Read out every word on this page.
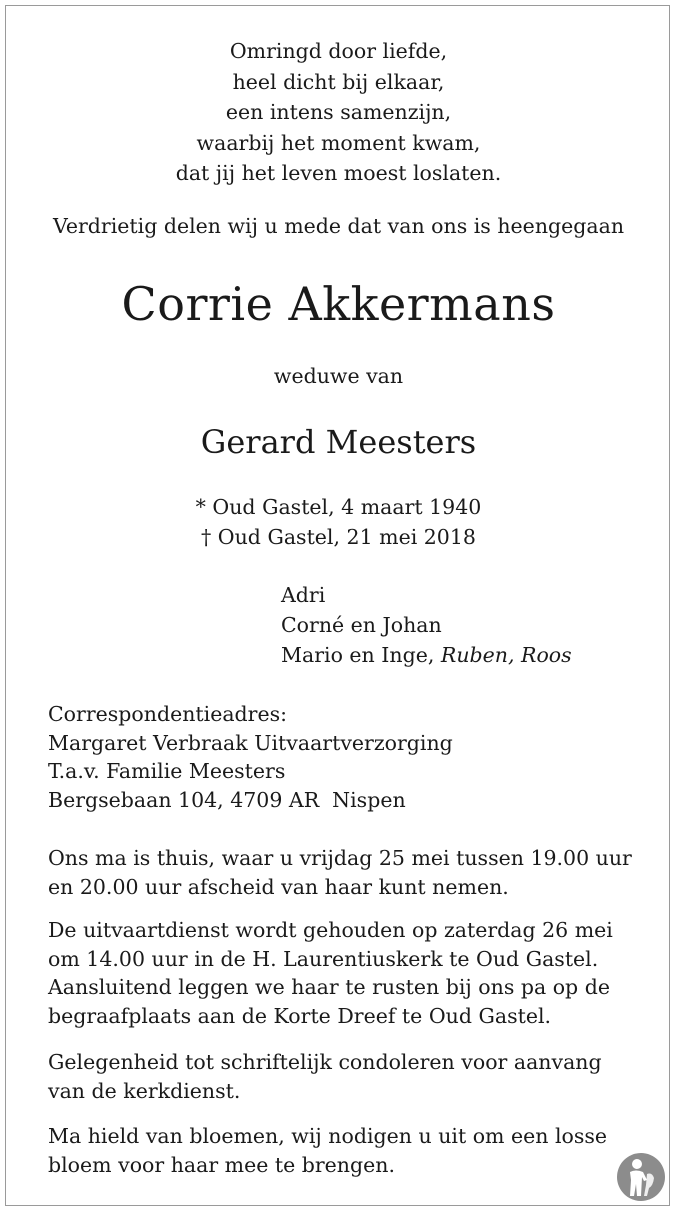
Omringd door liefde,
heel dicht bij elkaar,
een intens samenzijn,
waarbij het moment kwam,
dat jij het leven moest loslaten.
Verdrietig delen wij u mede dat van ons is heengegaan
Corrie Akkermans
weduwe van
Gerard Meesters
* Oud Gastel, 4 maart 1940
† Oud Gastel, 21 mei 2018
Adri
Corné en Johan
Mario en Inge, Ruben, Roos
Correspondentieadres:
Margaret Verbraak Uitvaartverzorging
T.a.v. Familie Meesters
Bergsebaan 104, 4709 AR  Nispen
Ons ma is thuis, waar u vrijdag 25 mei tussen 19.00 uur
en 20.00 uur afscheid van haar kunt nemen.
De uitvaartdienst wordt gehouden op zaterdag 26 mei
om 14.00 uur in de H. Laurentiuskerk te Oud Gastel.
Aansluitend leggen we haar te rusten bij ons pa op de
begraafplaats aan de Korte Dreef te Oud Gastel.
Gelegenheid tot schriftelijk condoleren voor aanvang
van de kerkdienst.
Ma hield van bloemen, wij nodigen u uit om een losse
bloem voor haar mee te brengen.
